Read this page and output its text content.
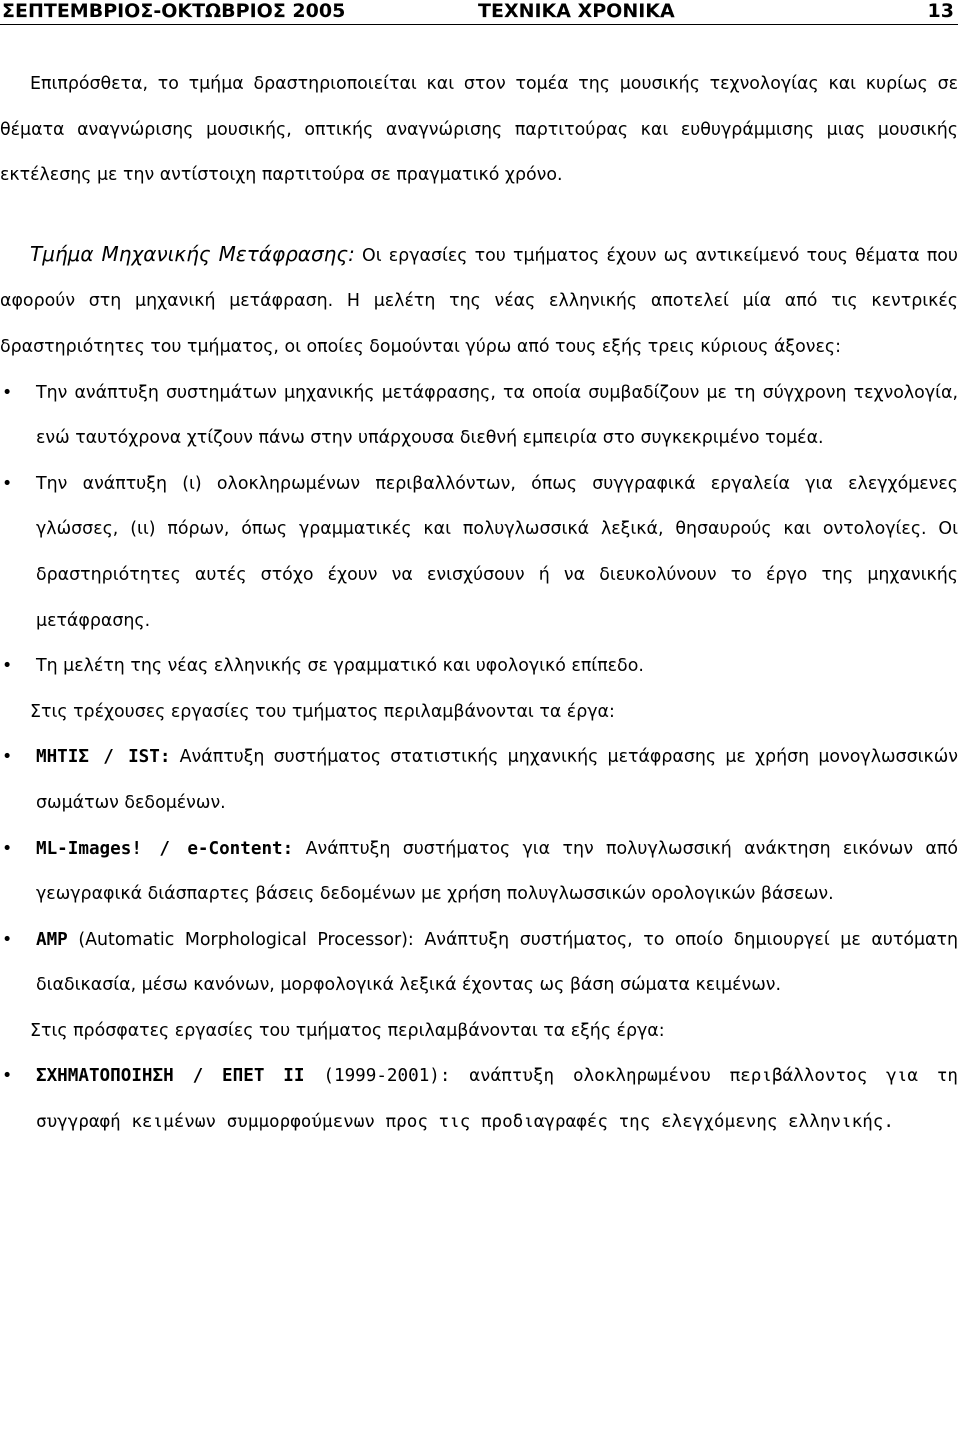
ΣΕΠΤΕΜΒΡΙΟΣ-ΟΚΤΩΒΡΙΟΣ 2005	ΤΕΧΝΙΚΑ ΧΡΟΝΙΚΑ	13

Επιπρόσθετα, το τμήμα δραστηριοποιείται και στον τομέα της μουσικής τεχνολογίας και κυρίως σε θέματα αναγνώρισης μουσικής, οπτικής αναγνώρισης παρτιτούρας και ευθυγράμμισης μιας μουσικής εκτέλεσης με την αντίστοιχη παρτιτούρα σε πραγματικό χρόνο.

Τμήμα Μηχανικής Μετάφρασης: Οι εργασίες του τμήματος έχουν ως αντικείμενό τους θέματα που αφορούν στη μηχανική μετάφραση. Η μελέτη της νέας ελληνικής αποτελεί μία από τις κεντρικές δραστηριότητες του τμήματος, οι οποίες δομούνται γύρω από τους εξής τρεις κύριους άξονες:

•	Την ανάπτυξη συστημάτων μηχανικής μετάφρασης, τα οποία συμβαδίζουν με τη σύγχρονη τεχνολογία, ενώ ταυτόχρονα χτίζουν πάνω στην υπάρχουσα διεθνή εμπειρία στο συγκεκριμένο τομέα.
•	Την ανάπτυξη (ι) ολοκληρωμένων περιβαλλόντων, όπως συγγραφικά εργαλεία για ελεγχόμενες γλώσσες, (ιι) πόρων, όπως γραμματικές και πολυγλωσσικά λεξικά, θησαυρούς και οντολογίες. Οι δραστηριότητες αυτές στόχο έχουν να ενισχύσουν ή να διευκολύνουν το έργο της μηχανικής μετάφρασης.
•	Τη μελέτη της νέας ελληνικής σε γραμματικό και υφολογικό επίπεδο.

Στις τρέχουσες εργασίες του τμήματος περιλαμβάνονται τα έργα:

•	ΜΗΤΙΣ / IST: Ανάπτυξη συστήματος στατιστικής μηχανικής μετάφρασης με χρήση μονογλωσσικών σωμάτων δεδομένων.
•	ML-Images! / e-Content: Ανάπτυξη συστήματος για την πολυγλωσσική ανάκτηση εικόνων από γεωγραφικά διάσπαρτες βάσεις δεδομένων με χρήση πολυγλωσσικών ορολογικών βάσεων.
•	AMP (Automatic Morphological Processor): Ανάπτυξη συστήματος, το οποίο δημιουργεί με αυτόματη διαδικασία, μέσω κανόνων, μορφολογικά λεξικά έχοντας ως βάση σώματα κειμένων.

Στις πρόσφατες εργασίες του τμήματος περιλαμβάνονται τα εξής έργα:

•	ΣΧΗΜΑΤΟΠΟΙΗΣΗ / ΕΠΕΤ ΙΙ (1999-2001): ανάπτυξη ολοκληρωμένου περιβάλλοντος για τη συγγραφή κειμένων συμμορφούμενων προς τις προδιαγραφές της ελεγχόμενης ελληνικής.
